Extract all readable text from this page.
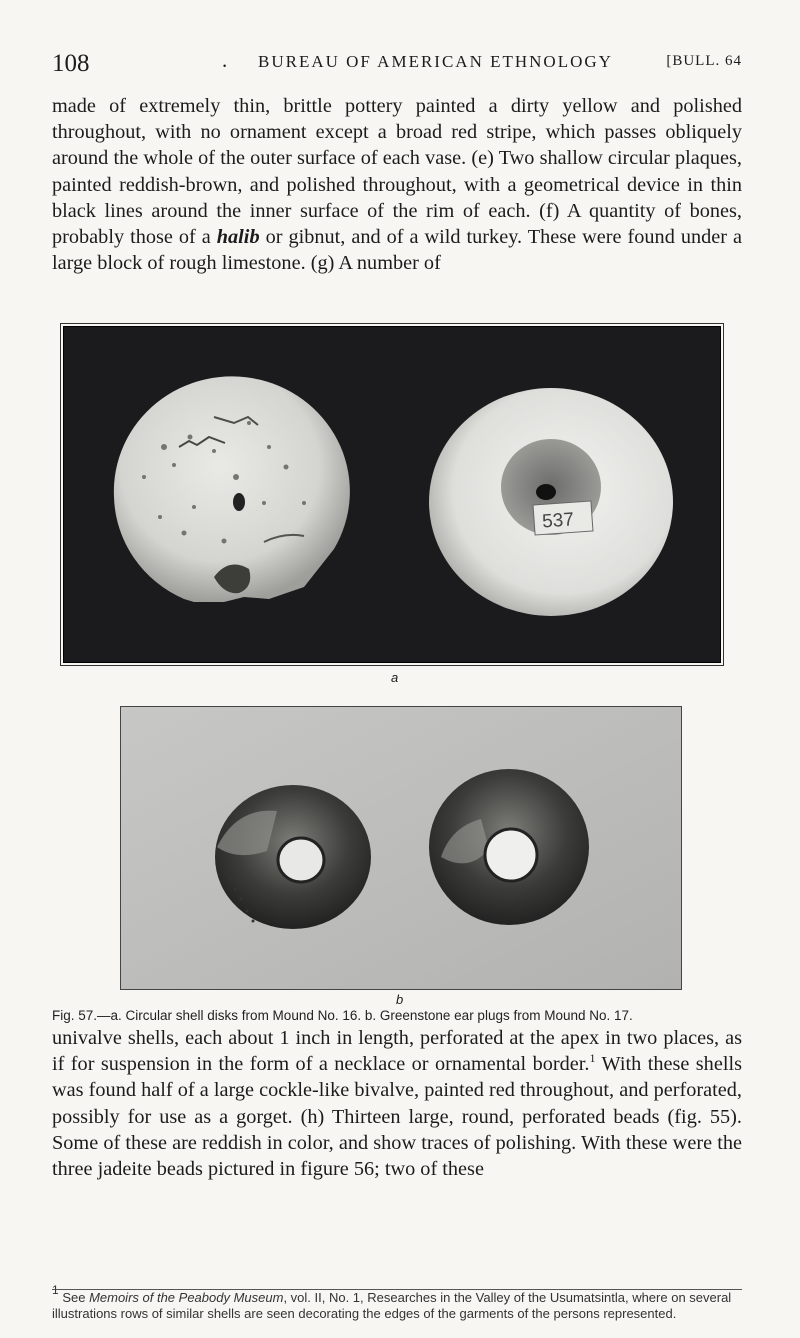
108	. BUREAU OF AMERICAN ETHNOLOGY	[BULL. 64
made of extremely thin, brittle pottery painted a dirty yellow and polished throughout, with no ornament except a broad red stripe, which passes obliquely around the whole of the outer surface of each vase. (e) Two shallow circular plaques, painted reddish-brown, and polished throughout, with a geometrical device in thin black lines around the inner surface of the rim of each. (f) A quantity of bones, probably those of a halib or gibnut, and of a wild turkey. These were found under a large block of rough limestone. (g) A number of
537
a
b
Fig. 57.—a. Circular shell disks from Mound No. 16. b. Greenstone ear plugs from Mound No. 17.
univalve shells, each about 1 inch in length, perforated at the apex in two places, as if for suspension in the form of a necklace or ornamental border.$^1$ With these shells was found half of a large cockle-like bivalve, painted red throughout, and perforated, possibly for use as a gorget. (h) Thirteen large, round, perforated beads (fig. 55). Some of these are reddish in color, and show traces of polishing. With these were the three jadeite beads pictured in figure 56; two of these
$^1$ See Memoirs of the Peabody Museum, vol. II, No. 1, Researches in the Valley of the Usumatsintla, where on several illustrations rows of similar shells are seen decorating the edges of the garments of the persons represented.
